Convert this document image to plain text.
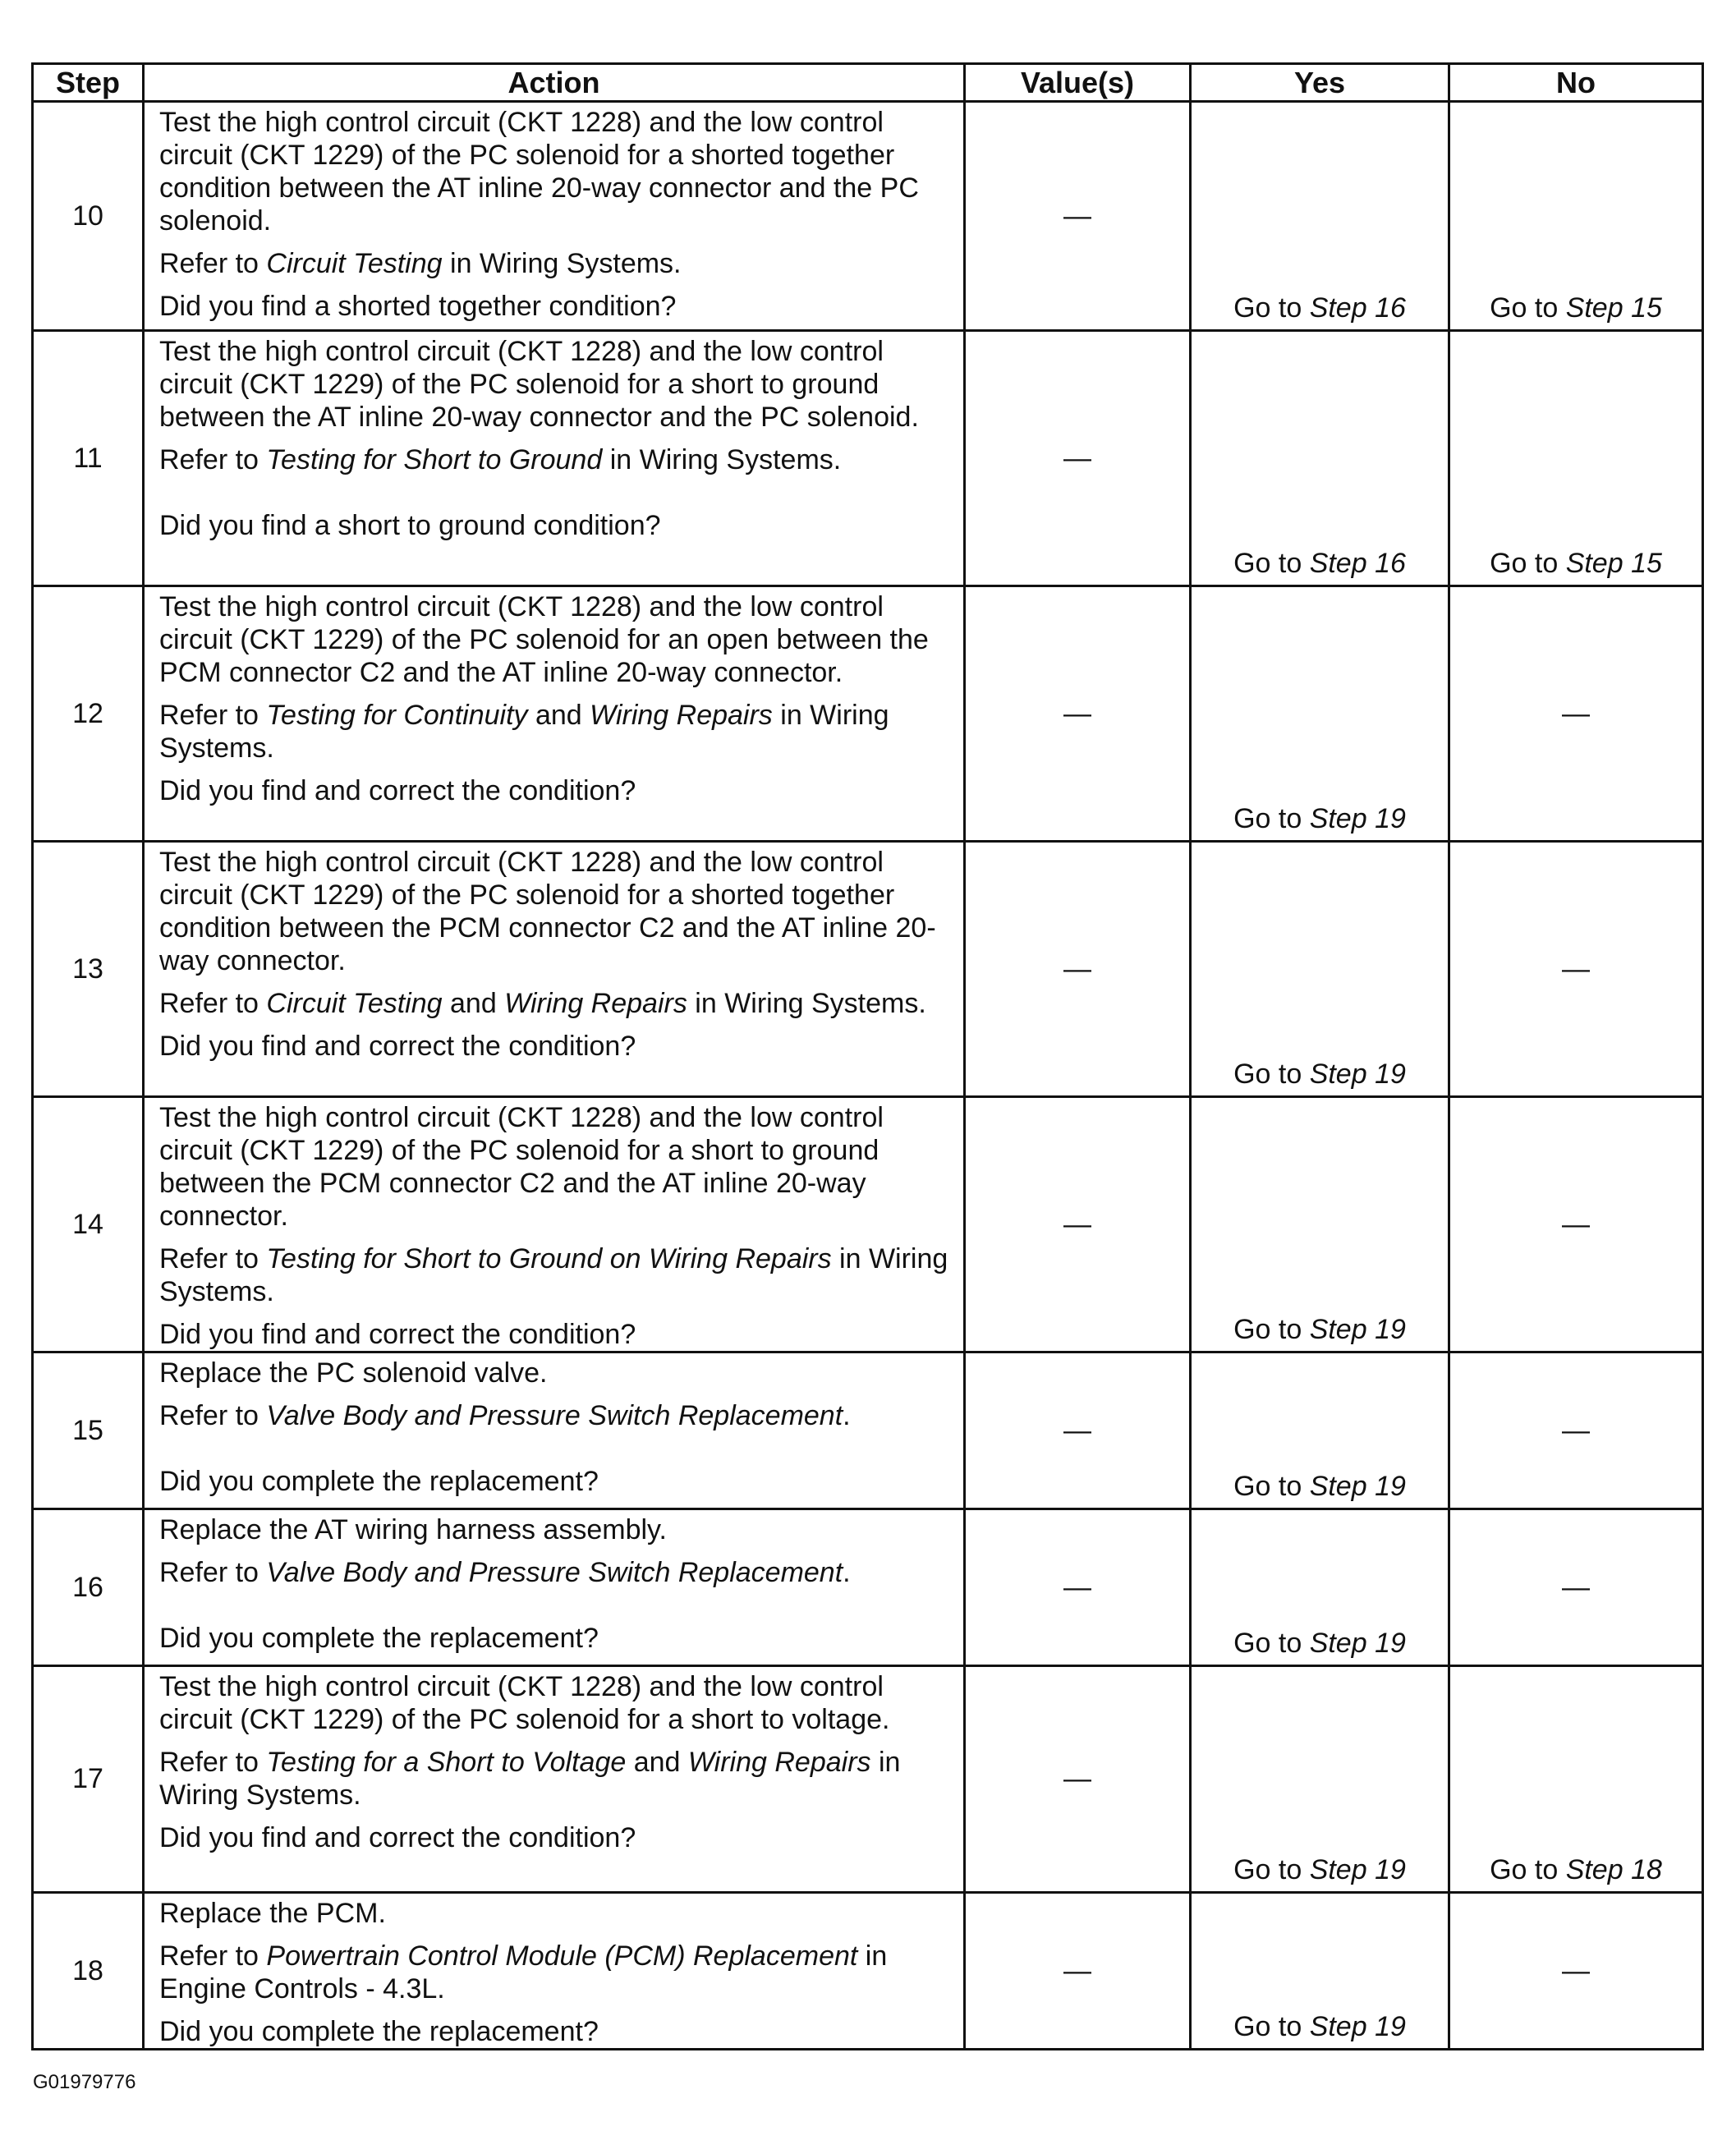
Step	Action	Value(s)	Yes	No
10	Test the high control circuit (CKT 1228) and the low control circuit (CKT 1229) of the PC solenoid for a shorted together condition between the AT inline 20-way connector and the PC solenoid.

Refer to Circuit Testing in Wiring Systems.

Did you find a shorted together condition?	—	Go to Step 16	Go to Step 15
11	Test the high control circuit (CKT 1228) and the low control circuit (CKT 1229) of the PC solenoid for a short to ground between the AT inline 20-way connector and the PC solenoid.

Refer to Testing for Short to Ground in Wiring Systems.

Did you find a short to ground condition?	—	Go to Step 16	Go to Step 15
12	Test the high control circuit (CKT 1228) and the low control circuit (CKT 1229) of the PC solenoid for an open between the PCM connector C2 and the AT inline 20-way connector.

Refer to Testing for Continuity and Wiring Repairs in Wiring Systems.

Did you find and correct the condition?	—	Go to Step 19	—
13	Test the high control circuit (CKT 1228) and the low control circuit (CKT 1229) of the PC solenoid for a shorted together condition between the PCM connector C2 and the AT inline 20-way connector.

Refer to Circuit Testing and Wiring Repairs in Wiring Systems.

Did you find and correct the condition?	—	Go to Step 19	—
14	Test the high control circuit (CKT 1228) and the low control circuit (CKT 1229) of the PC solenoid for a short to ground between the PCM connector C2 and the AT inline 20-way connector.

Refer to Testing for Short to Ground on Wiring Repairs in Wiring Systems.

Did you find and correct the condition?	—	Go to Step 19	—
15	Replace the PC solenoid valve.

Refer to Valve Body and Pressure Switch Replacement.

Did you complete the replacement?	—	Go to Step 19	—
16	Replace the AT wiring harness assembly.

Refer to Valve Body and Pressure Switch Replacement.

Did you complete the replacement?	—	Go to Step 19	—
17	Test the high control circuit (CKT 1228) and the low control circuit (CKT 1229) of the PC solenoid for a short to voltage.

Refer to Testing for a Short to Voltage and Wiring Repairs in Wiring Systems.

Did you find and correct the condition?	—	Go to Step 19	Go to Step 18
18	Replace the PCM.

Refer to Powertrain Control Module (PCM) Replacement in Engine Controls - 4.3L.

Did you complete the replacement?	—	Go to Step 19	—
G01979776
